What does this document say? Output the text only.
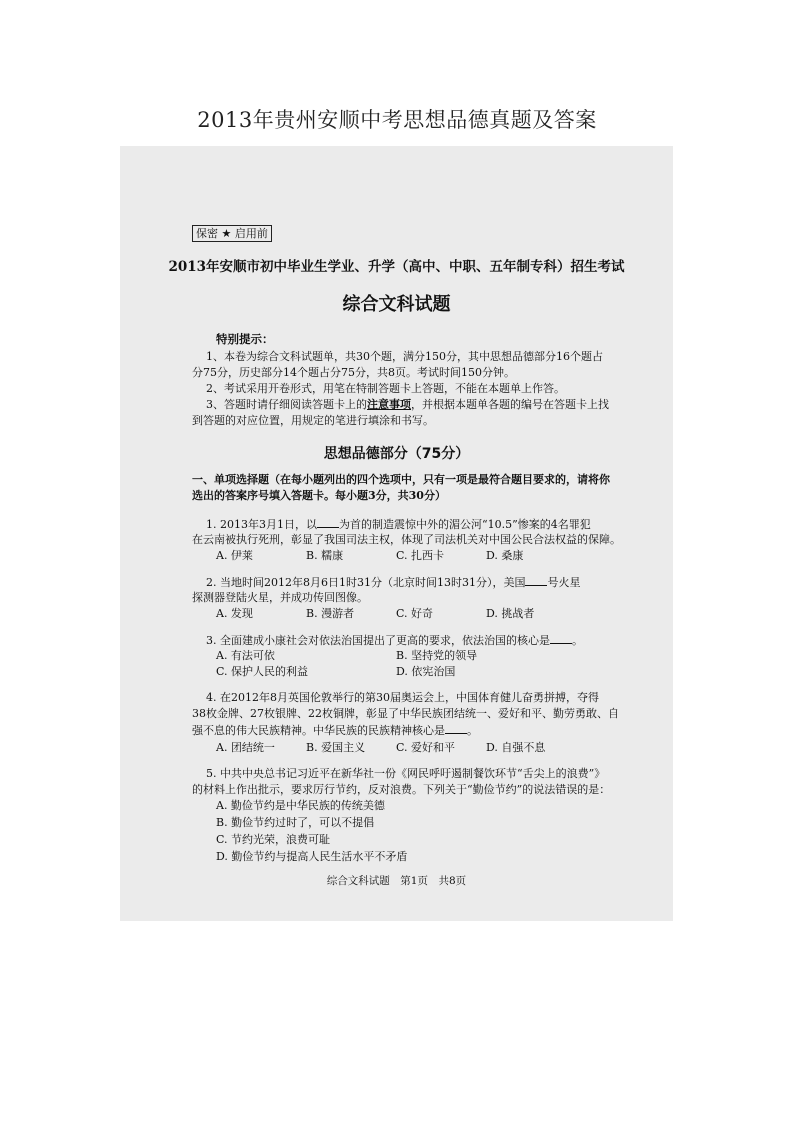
2013年贵州安顺中考思想品德真题及答案
保密 ★ 启用前
2013年安顺市初中毕业生学业、升学（高中、中职、五年制专科）招生考试
综合文科试题
特别提示：
1、本卷为综合文科试题单，共30个题，满分150分，其中思想品德部分16个题占
分75分，历史部分14个题占分75分，共8页。考试时间150分钟。
2、考试采用开卷形式，用笔在特制答题卡上答题，不能在本题单上作答。
3、答题时请仔细阅读答题卡上的注意事项，并根据本题单各题的编号在答题卡上找
到答题的对应位置，用规定的笔进行填涂和书写。
思想品德部分（75分）
一、单项选择题（在每小题列出的四个选项中，只有一项是最符合题目要求的，请将你
选出的答案序号填入答题卡。每小题3分，共30分）
1. 2013年3月1日，以 为首的制造震惊中外的湄公河“10.5”惨案的4名罪犯
在云南被执行死刑，彰显了我国司法主权，体现了司法机关对中国公民合法权益的保障。
A. 伊莱	B. 糯康	C. 扎西卡	D. 桑康
2. 当地时间2012年8月6日1时31分（北京时间13时31分），美国 号火星
探测器登陆火星，并成功传回图像。
A. 发现	B. 漫游者	C. 好奇	D. 挑战者
3. 全面建成小康社会对依法治国提出了更高的要求，依法治国的核心是 。
A. 有法可依	B. 坚持党的领导
C. 保护人民的利益	D. 依宪治国
4. 在2012年8月英国伦敦举行的第30届奥运会上，中国体育健儿奋勇拼搏，夺得
38枚金牌、27枚银牌、22枚铜牌，彰显了中华民族团结统一、爱好和平、勤劳勇敢、自
强不息的伟大民族精神。中华民族的民族精神核心是 。
A. 团结统一	B. 爱国主义	C. 爱好和平	D. 自强不息
5. 中共中央总书记习近平在新华社一份《网民呼吁遏制餐饮环节“舌尖上的浪费”》
的材料上作出批示，要求厉行节约，反对浪费。下列关于“勤俭节约”的说法错误的是：
A. 勤俭节约是中华民族的传统美德
B. 勤俭节约过时了，可以不提倡
C. 节约光荣，浪费可耻
D. 勤俭节约与提高人民生活水平不矛盾
综合文科试题　第1页　共8页
